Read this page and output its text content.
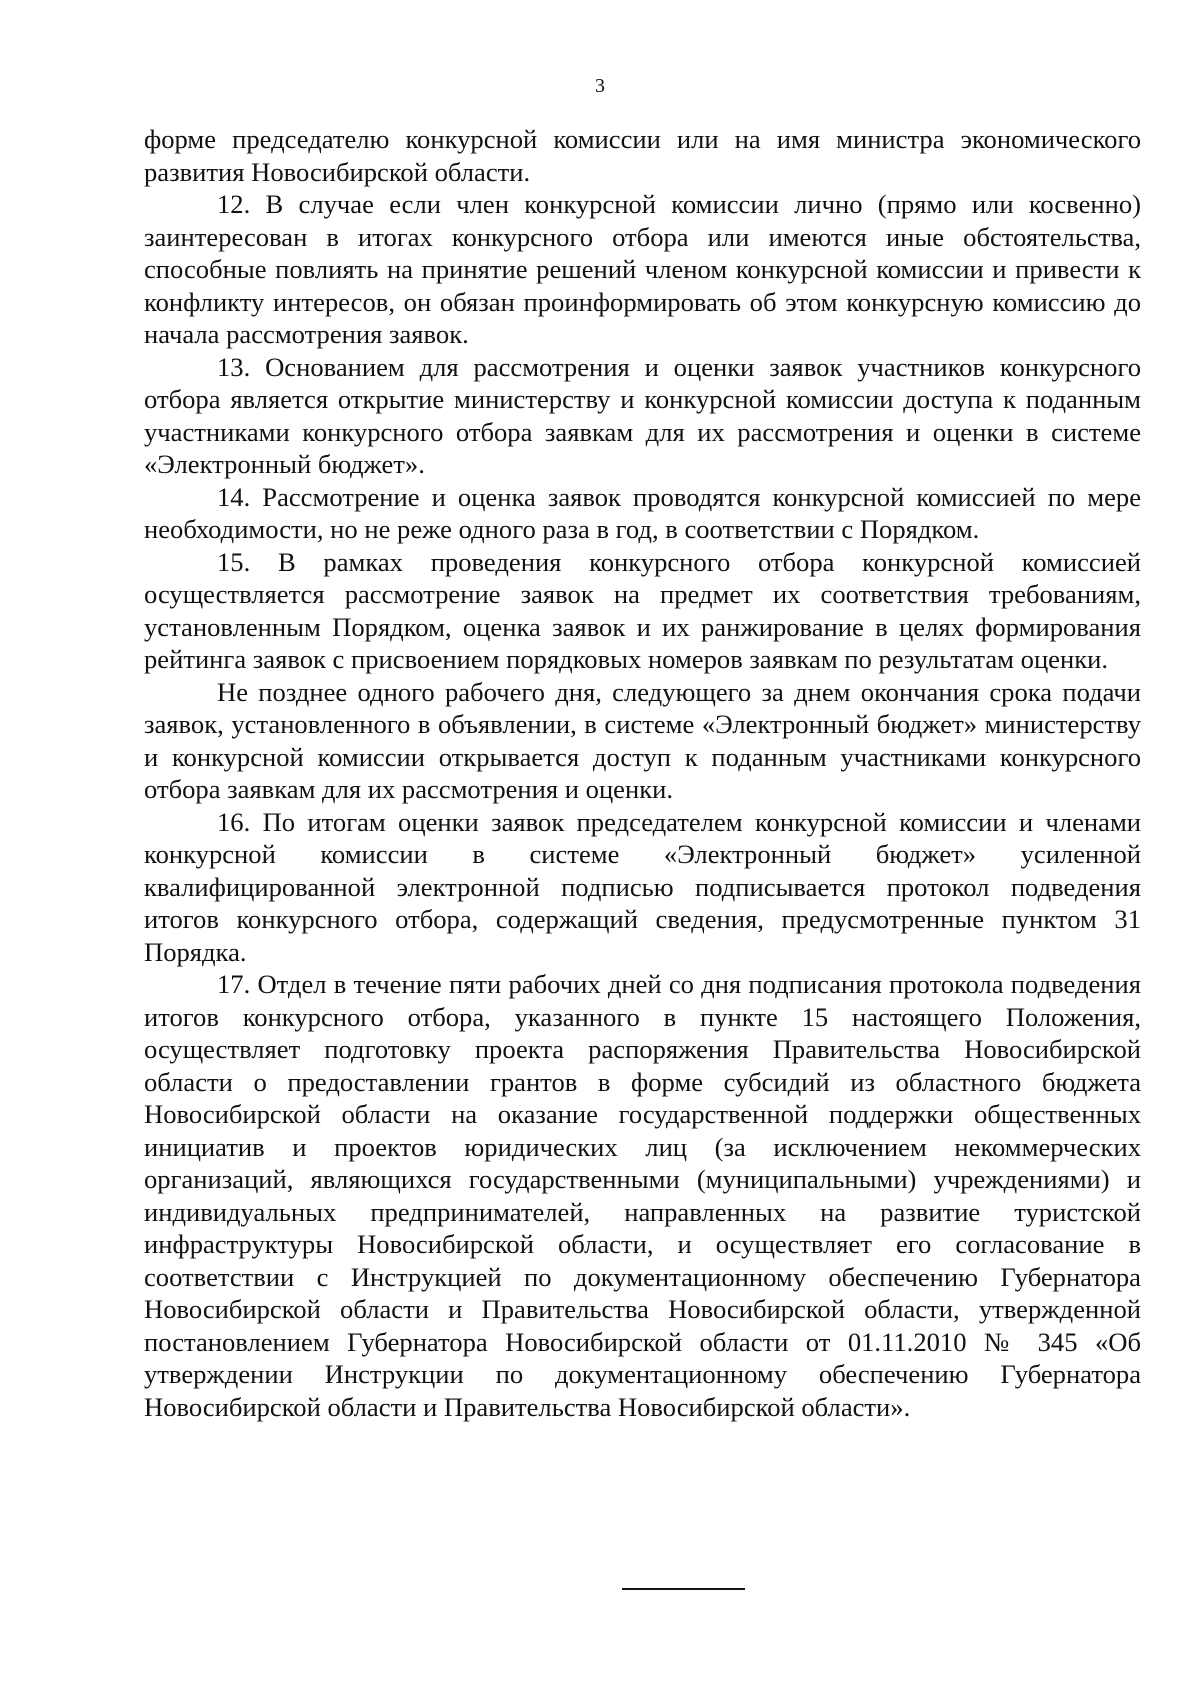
3

форме председателю конкурсной комиссии или на имя министра экономического развития Новосибирской области.

12. В случае если член конкурсной комиссии лично (прямо или косвенно) заинтересован в итогах конкурсного отбора или имеются иные обстоятельства, способные повлиять на принятие решений членом конкурсной комиссии и привести к конфликту интересов, он обязан проинформировать об этом конкурсную комиссию до начала рассмотрения заявок.

13. Основанием для рассмотрения и оценки заявок участников конкурсного отбора является открытие министерству и конкурсной комиссии доступа к поданным участниками конкурсного отбора заявкам для их рассмотрения и оценки в системе «Электронный бюджет».

14. Рассмотрение и оценка заявок проводятся конкурсной комиссией по мере необходимости, но не реже одного раза в год, в соответствии с Порядком.

15. В рамках проведения конкурсного отбора конкурсной комиссией осуществляется рассмотрение заявок на предмет их соответствия требованиям, установленным Порядком, оценка заявок и их ранжирование в целях формирования рейтинга заявок с присвоением порядковых номеров заявкам по результатам оценки.

Не позднее одного рабочего дня, следующего за днем окончания срока подачи заявок, установленного в объявлении, в системе «Электронный бюджет» министерству и конкурсной комиссии открывается доступ к поданным участниками конкурсного отбора заявкам для их рассмотрения и оценки.

16. По итогам оценки заявок председателем конкурсной комиссии и членами конкурсной комиссии в системе «Электронный бюджет» усиленной квалифицированной электронной подписью подписывается протокол подведения итогов конкурсного отбора, содержащий сведения, предусмотренные пунктом 31 Порядка.

17. Отдел в течение пяти рабочих дней со дня подписания протокола подведения итогов конкурсного отбора, указанного в пункте 15 настоящего Положения, осуществляет подготовку проекта распоряжения Правительства Новосибирской области о предоставлении грантов в форме субсидий из областного бюджета Новосибирской области на оказание государственной поддержки общественных инициатив и проектов юридических лиц (за исключением некоммерческих организаций, являющихся государственными (муниципальными) учреждениями) и индивидуальных предпринимателей, направленных на развитие туристской инфраструктуры Новосибирской области, и осуществляет его согласование в соответствии с Инструкцией по документационному обеспечению Губернатора Новосибирской области и Правительства Новосибирской области, утвержденной постановлением Губернатора Новосибирской области от 01.11.2010 № 345 «Об утверждении Инструкции по документационному обеспечению Губернатора Новосибирской области и Правительства Новосибирской области».
